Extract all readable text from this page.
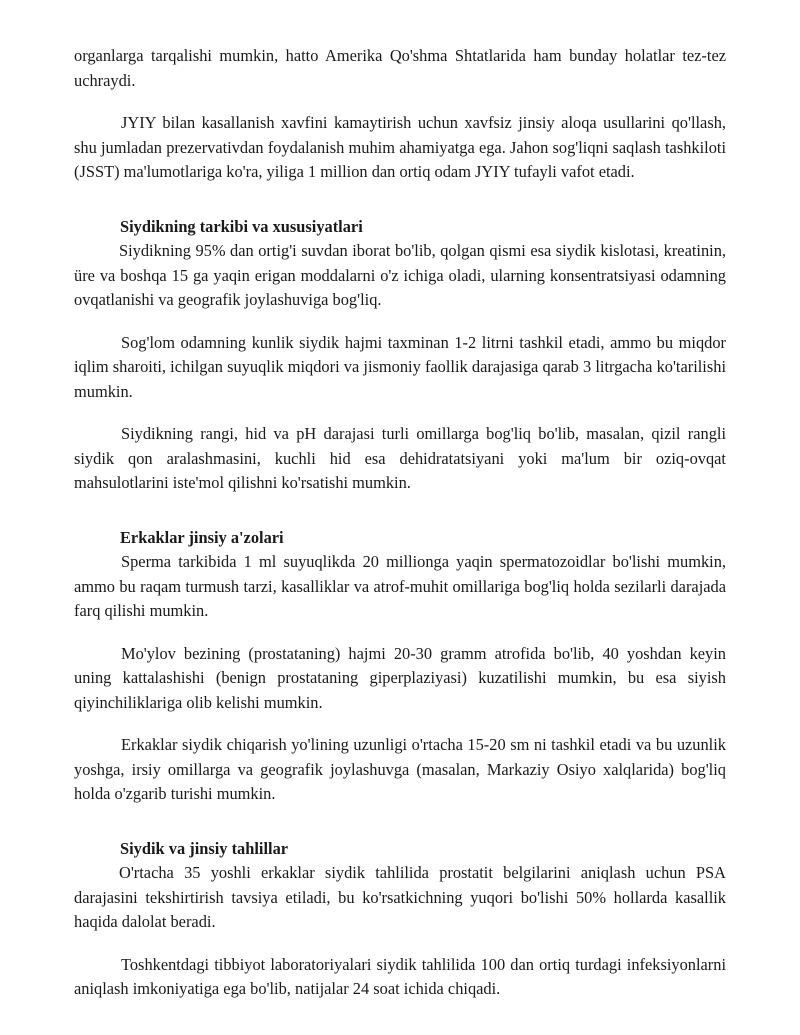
organlarga tarqalishi mumkin, hatto Amerika Qo'shma Shtatlarida ham bunday holatlar tez-tez uchraydi.

JYIY bilan kasallanish xavfini kamaytirish uchun xavfsiz jinsiy aloqa usullarini qo'llash, shu jumladan prezervativdan foydalanish muhim ahamiyatga ega. Jahon sog'liqni saqlash tashkiloti (JSST) ma'lumotlariga ko'ra, yiliga 1 million dan ortiq odam JYIY tufayli vafot etadi.

Siydikning tarkibi va xususiyatlari

Siydikning 95% dan ortig'i suvdan iborat bo'lib, qolgan qismi esa siydik kislotasi, kreatinin, üre va boshqa 15 ga yaqin erigan moddalarni o'z ichiga oladi, ularning konsentratsiyasi odamning ovqatlanishi va geografik joylashuviga bog'liq.

Sog'lom odamning kunlik siydik hajmi taxminan 1-2 litrni tashkil etadi, ammo bu miqdor iqlim sharoiti, ichilgan suyuqlik miqdori va jismoniy faollik darajasiga qarab 3 litrgacha ko'tarilishi mumkin.

Siydikning rangi, hid va pH darajasi turli omillarga bog'liq bo'lib, masalan, qizil rangli siydik qon aralashmasini, kuchli hid esa dehidratatsiyani yoki ma'lum bir oziq-ovqat mahsulotlarini iste'mol qilishni ko'rsatishi mumkin.

Erkaklar jinsiy a'zolari

Sperma tarkibida 1 ml suyuqlikda 20 millionga yaqin spermatozoidlar bo'lishi mumkin, ammo bu raqam turmush tarzi, kasalliklar va atrof-muhit omillariga bog'liq holda sezilarli darajada farq qilishi mumkin.

Mo'ylov bezining (prostataning) hajmi 20-30 gramm atrofida bo'lib, 40 yoshdan keyin uning kattalashishi (benign prostataning giperplaziyasi) kuzatilishi mumkin, bu esa siyish qiyinchiliklariga olib kelishi mumkin.

Erkaklar siydik chiqarish yo'lining uzunligi o'rtacha 15-20 sm ni tashkil etadi va bu uzunlik yoshga, irsiy omillarga va geografik joylashuvga (masalan, Markaziy Osiyo xalqlarida) bog'liq holda o'zgarib turishi mumkin.

Siydik va jinsiy tahlillar

O'rtacha 35 yoshli erkaklar siydik tahlilida prostatit belgilarini aniqlash uchun PSA darajasini tekshirtirish tavsiya etiladi, bu ko'rsatkichning yuqori bo'lishi 50% hollarda kasallik haqida dalolat beradi.

Toshkentdagi tibbiyot laboratoriyalari siydik tahlilida 100 dan ortiq turdagi infeksiyonlarni aniqlash imkoniyatiga ega bo'lib, natijalar 24 soat ichida chiqadi.
